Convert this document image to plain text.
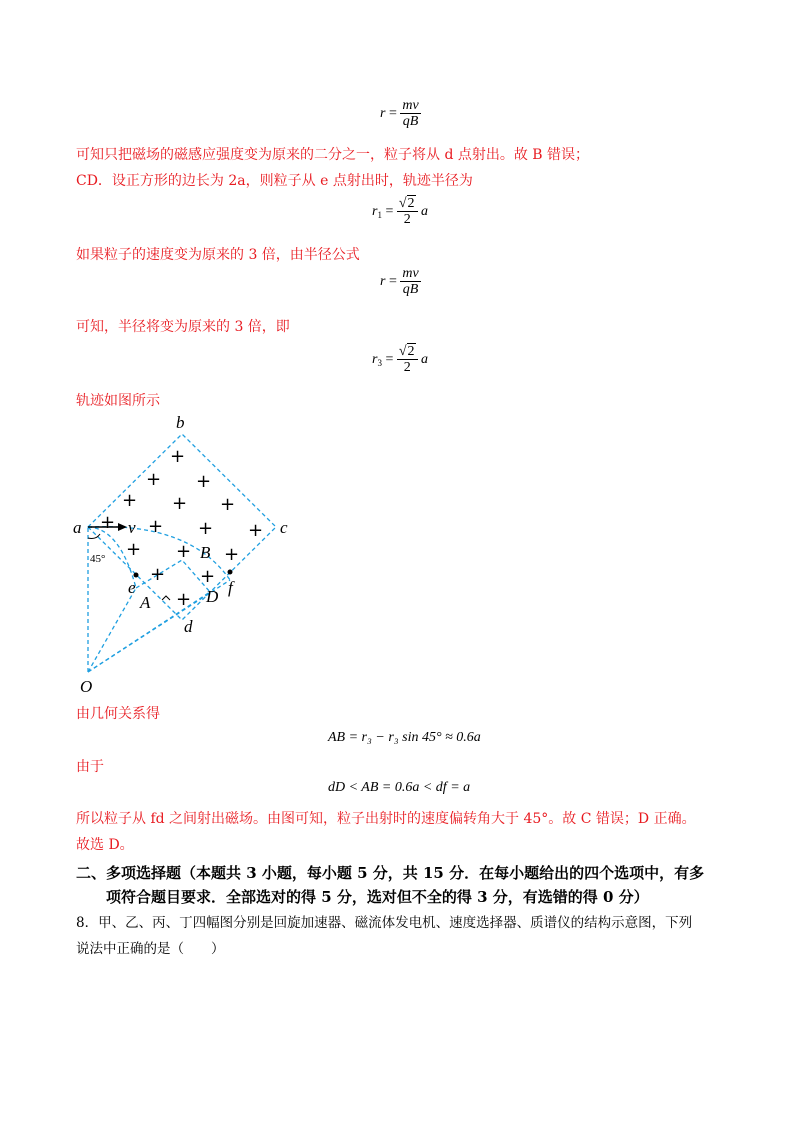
$r = \frac{mv}{qB}$
可知只把磁场的磁感应强度变为原来的二分之一，粒子将从 d 点射出。故 B 错误；
CD．设正方形的边长为 2a，则粒子从 e 点射出时，轨迹半径为
$r_1 = \frac{√2}{2}$ a
如果粒子的速度变为原来的 3 倍，由半径公式
$r = \frac{mv}{qB}$
可知，半径将变为原来的 3 倍，即
$r_3 = \frac{√2}{2}$ a
轨迹如图所示
+
+ +
+ + +
+ + + +
+ + +
+ +
+
b
c
a	v
45°	B
e	f
A	D
d
O
由几何关系得
AB = r₃ − r₃ sin 45° ≈ 0.6a
由于
dD < AB = 0.6a < df = a
所以粒子从 fd 之间射出磁场。由图可知，粒子出射时的速度偏转角大于 45°。故 C 错误；D 正确。
故选 D。
二、多项选择题（本题共 3 小题，每小题 5 分，共 15 分．在每小题给出的四个选项中，有多
项符合题目要求．全部选对的得 5 分，选对但不全的得 3 分，有选错的得 0 分）
8．甲、乙、丙、丁四幅图分别是回旋加速器、磁流体发电机、速度选择器、质谱仪的结构示意图，下列
说法中正确的是（　　）
